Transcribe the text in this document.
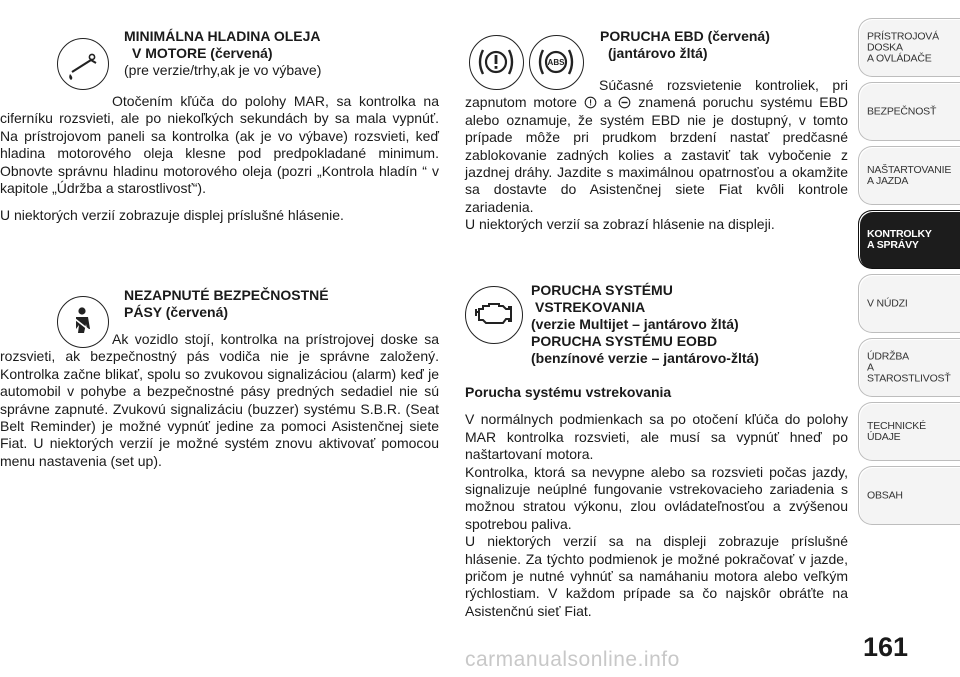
MINIMÁLNA HLADINA OLEJA
V MOTORE (červená)
(pre verzie/trhy,ak je vo výbave)

Otočením kľúča do polohy MAR, sa kontrolka na ciferníku rozsvieti, ale po niekoľkých sekundách by sa mala vypnúť. Na prístrojovom paneli sa kontrolka (ak je vo výbave) rozsvieti, keď hladina motorového oleja klesne pod predpokladané minimum. Obnovte správnu hladinu motorového oleja (pozri „Kontrola hladín “ v kapitole „Údržba a starostlivosť“).

U niektorých verzií zobrazuje displej príslušné hlásenie.

NEZAPNUTÉ BEZPEČNOSTNÉ
PÁSY (červená)

Ak vozidlo stojí, kontrolka na prístrojovej doske sa rozsvieti, ak bezpečnostný pás vodiča nie je správne založený. Kontrolka začne blikať, spolu so zvukovou signalizáciou (alarm) keď je automobil v pohybe a bezpečnostné pásy predných sedadiel nie sú správne zapnuté. Zvukovú signalizáciu (buzzer) systému S.B.R. (Seat Belt Reminder) je možné vypnúť jedine za pomoci Asistenčnej siete Fiat. U niektorých verzií je možné systém znovu aktivovať pomocou menu nastavenia (set up).

ABS
PORUCHA EBD (červená)
(jantárovo žltá)

Súčasné rozsvietenie kontroliek, pri zapnutom motore a znamená poruchu systému EBD alebo oznamuje, že systém EBD nie je dostupný, v tomto prípade môže pri prudkom brzdení nastať predčasné zablokovanie zadných kolies a zastaviť tak vybočenie z jazdnej dráhy. Jazdite s maximálnou opatrnosťou a okamžite sa dostavte do Asistenčnej siete Fiat kvôli kontrole zariadenia.

U niektorých verzií sa zobrazí hlásenie na displeji.

PORUCHA SYSTÉMU
VSTREKOVANIA
(verzie Multijet – jantárovo žltá)
PORUCHA SYSTÉMU EOBD
(benzínové verzie – jantárovo-žltá)

Porucha systému vstrekovania

V normálnych podmienkach sa po otočení kľúča do polohy MAR kontrolka rozsvieti, ale musí sa vypnúť hneď po naštartovaní motora.

Kontrolka, ktorá sa nevypne alebo sa rozsvieti počas jazdy, signalizuje neúplné fungovanie vstrekovacieho zariadenia s možnou stratou výkonu, zlou ovládateľnosťou a zvýšenou spotrebou paliva.

U niektorých verzií sa na displeji zobrazuje príslušné hlásenie. Za týchto podmienok je možné pokračovať v jazde, pričom je nutné vyhnúť sa namáhaniu motora alebo veľkým rýchlostiam. V každom prípade sa čo najskôr obráťte na Asistenčnú sieť Fiat.

PRÍSTROJOVÁ
DOSKA
A OVLÁDAČE
BEZPEČNOSŤ
NAŠTARTOVANIE
A JAZDA
KONTROLKY
A SPRÁVY
V NÚDZI
ÚDRŽBA
A STAROSTLIVOSŤ
TECHNICKÉ ÚDAJE
OBSAH
161
carmanualsonline.info
